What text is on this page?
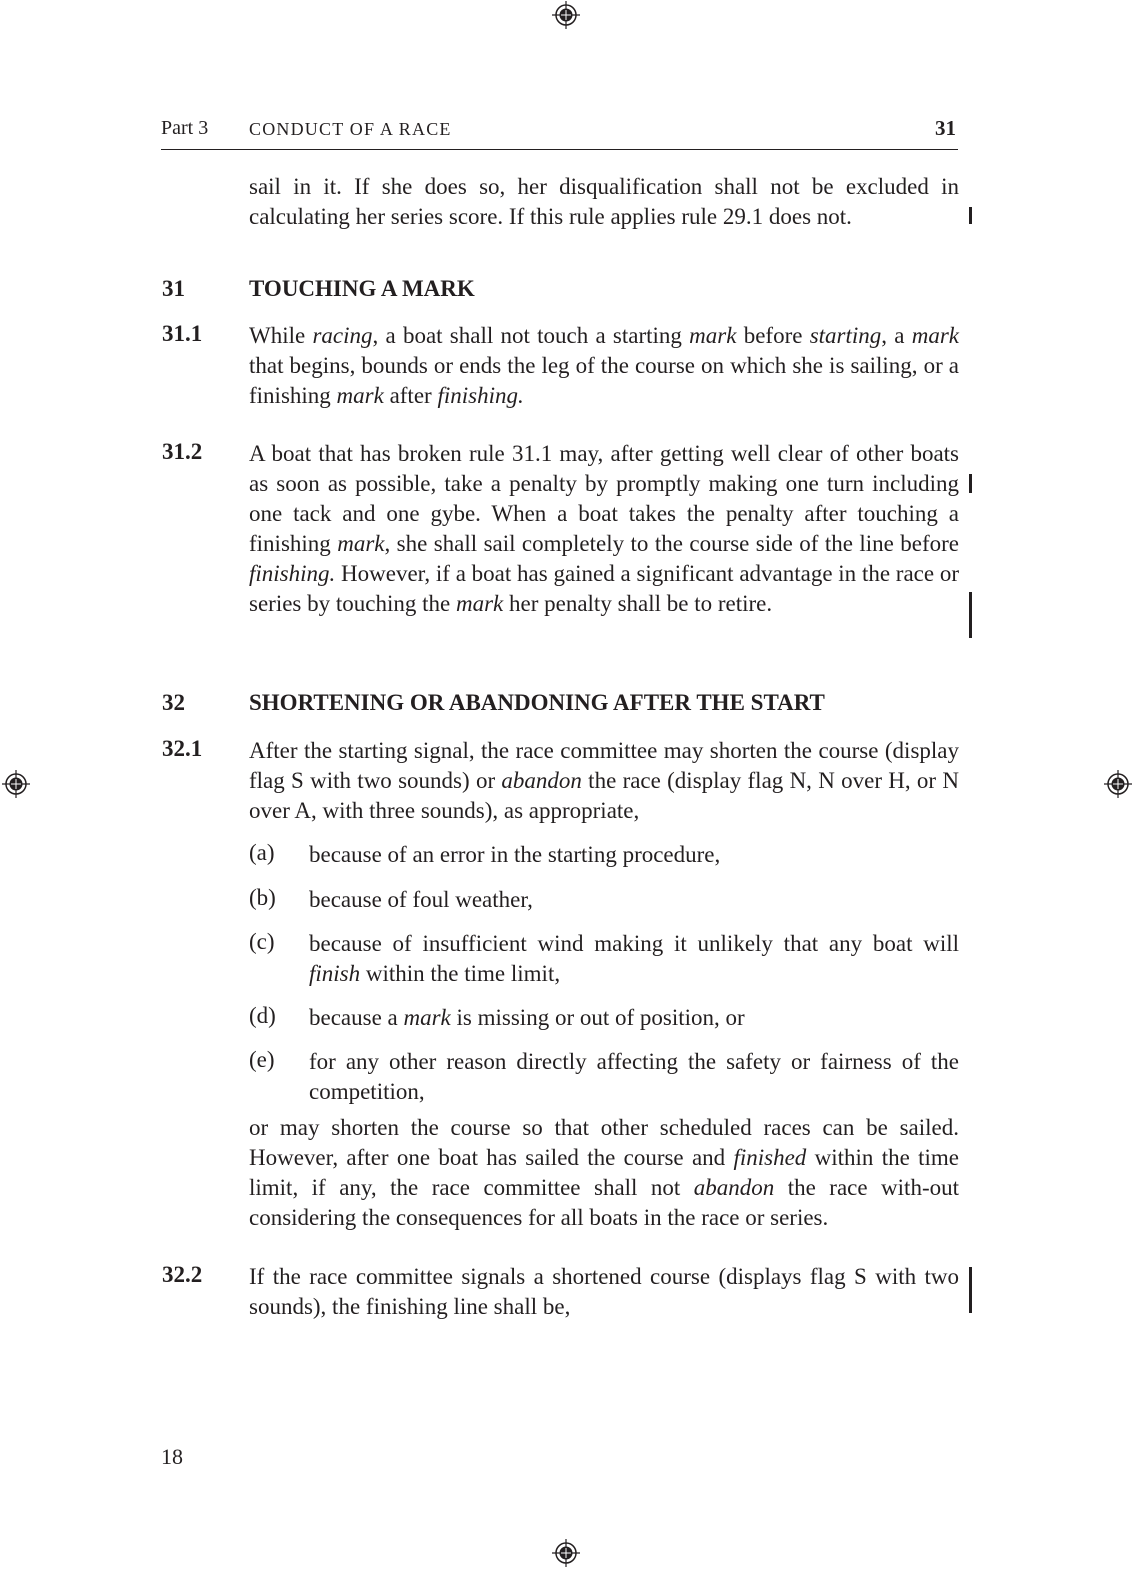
Part 3 CONDUCT OF A RACE	31
sail in it. If she does so, her disqualification shall not be excluded in calculating her series score. If this rule applies rule 29.1 does not.
31	TOUCHING A MARK
31.1 While racing, a boat shall not touch a starting mark before starting, a mark that begins, bounds or ends the leg of the course on which she is sailing, or a finishing mark after finishing.
31.2 A boat that has broken rule 31.1 may, after getting well clear of other boats as soon as possible, take a penalty by promptly making one turn including one tack and one gybe. When a boat takes the penalty after touching a finishing mark, she shall sail completely to the course side of the line before finishing. However, if a boat has gained a significant advantage in the race or series by touching the mark her penalty shall be to retire.
32	SHORTENING OR ABANDONING AFTER THE START
32.1 After the starting signal, the race committee may shorten the course (display flag S with two sounds) or abandon the race (display flag N, N over H, or N over A, with three sounds), as appropriate,
(a) because of an error in the starting procedure,
(b) because of foul weather,
(c) because of insufficient wind making it unlikely that any boat will finish within the time limit,
(d) because a mark is missing or out of position, or
(e) for any other reason directly affecting the safety or fairness of the competition,
or may shorten the course so that other scheduled races can be sailed. However, after one boat has sailed the course and finished within the time limit, if any, the race committee shall not abandon the race with-out considering the consequences for all boats in the race or series.
32.2 If the race committee signals a shortened course (displays flag S with two sounds), the finishing line shall be,
18
